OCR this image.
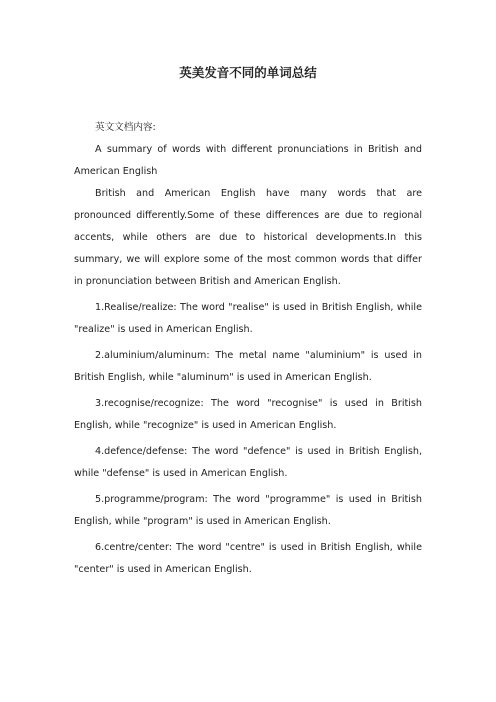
英美发音不同的单词总结

英文文档内容:

A summary of words with different pronunciations in British and American English

British and American English have many words that are pronounced differently.Some of these differences are due to regional accents, while others are due to historical developments.In this summary, we will explore some of the most common words that differ in pronunciation between British and American English.

1.Realise/realize: The word "realise" is used in British English, while "realize" is used in American English.

2.aluminium/aluminum: The metal name "aluminium" is used in British English, while "aluminum" is used in American English.

3.recognise/recognize: The word "recognise" is used in British English, while "recognize" is used in American English.

4.defence/defense: The word "defence" is used in British English, while "defense" is used in American English.

5.programme/program: The word "programme" is used in British English, while "program" is used in American English.

6.centre/center: The word "centre" is used in British English, while "center" is used in American English.
